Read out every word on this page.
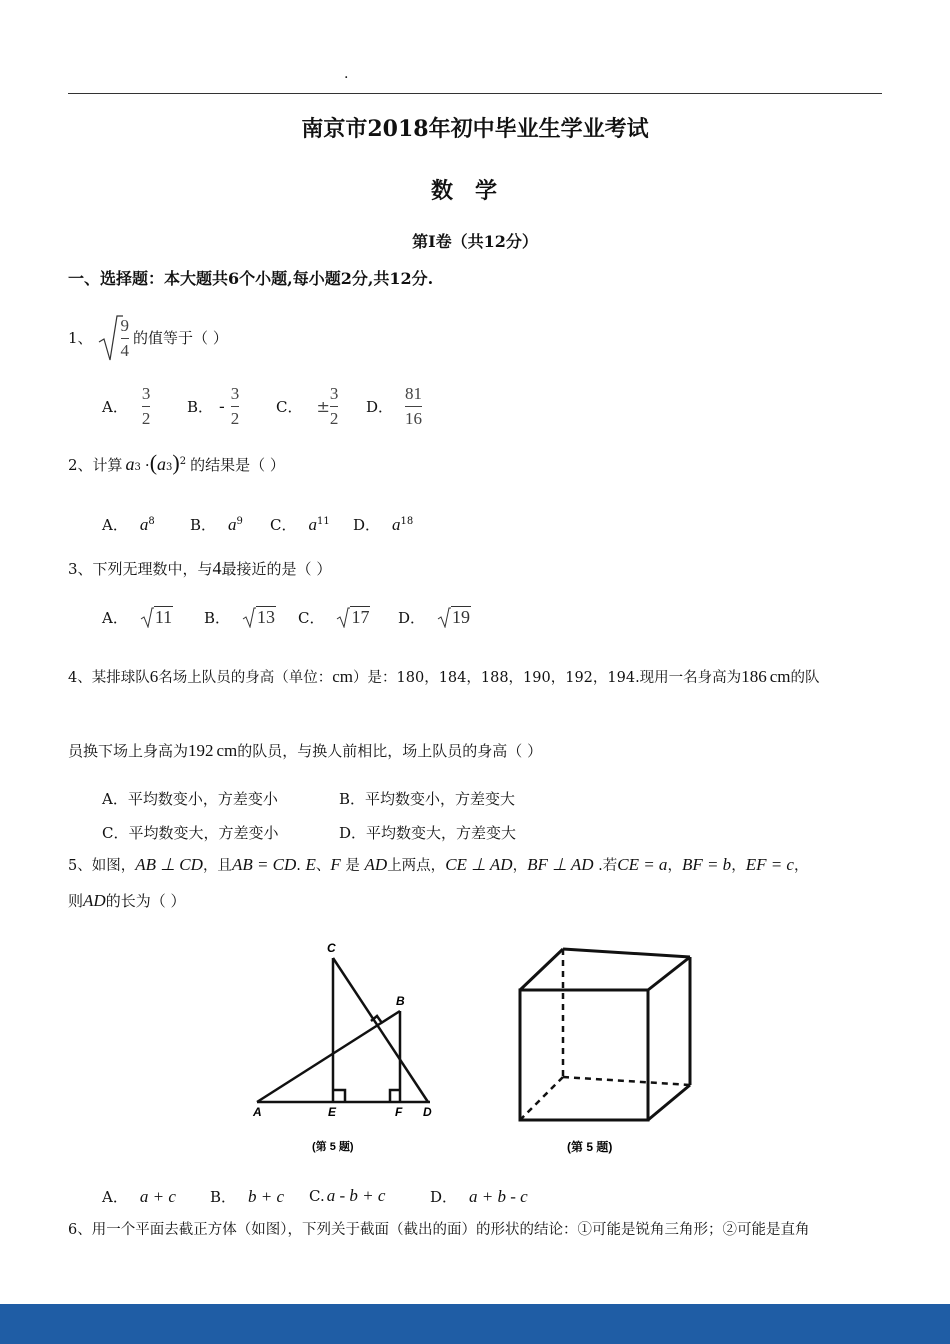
.
南京市2018年初中毕业生学业考试
数学
第Ⅰ卷（共12分）
一、选择题：本大题共6个小题,每小题2分,共12分.
1、 $\frac{9}{4}$ 的值等于（ ）
A． $\frac{3}{2}$ B． - $\frac{3}{2}$ C． ± $\frac{3}{2}$ D． $\frac{81}{16}$
2、计算 $a_3$ · ( $a_3$ )$^2$ 的结果是（ ）
A． $a^8$ B． $a^9$ C． $a^{11}$ D． $a^{18}$
3、下列无理数中，与4最接近的是（ ）
A． 11 B． 13 C． 17 D． 19
4、某排球队6名场上队员的身高（单位：cm）是：180，184，188，190，192，194.现用一名身高为186 cm的队
员换下场上身高为192 cm的队员，与换人前相比，场上队员的身高（ ）
A．平均数变小，方差变小	B．平均数变小，方差变大
C．平均数变大，方差变小	D．平均数变大，方差变大
5、如图，AB ⊥ CD，且AB = CD. E、F 是 AD上两点，CE ⊥ AD，BF ⊥ AD .若CE = a，BF = b，EF = c，
则AD的长为（ ）
C
B
A	E	F D
(第 5 题)	(第 5 题)
A． a + c B． b + c C. a - b + c	D． a + b - c
6、用一个平面去截正方体（如图），下列关于截面（截出的面）的形状的结论：①可能是锐角三角形；②可能是直角
